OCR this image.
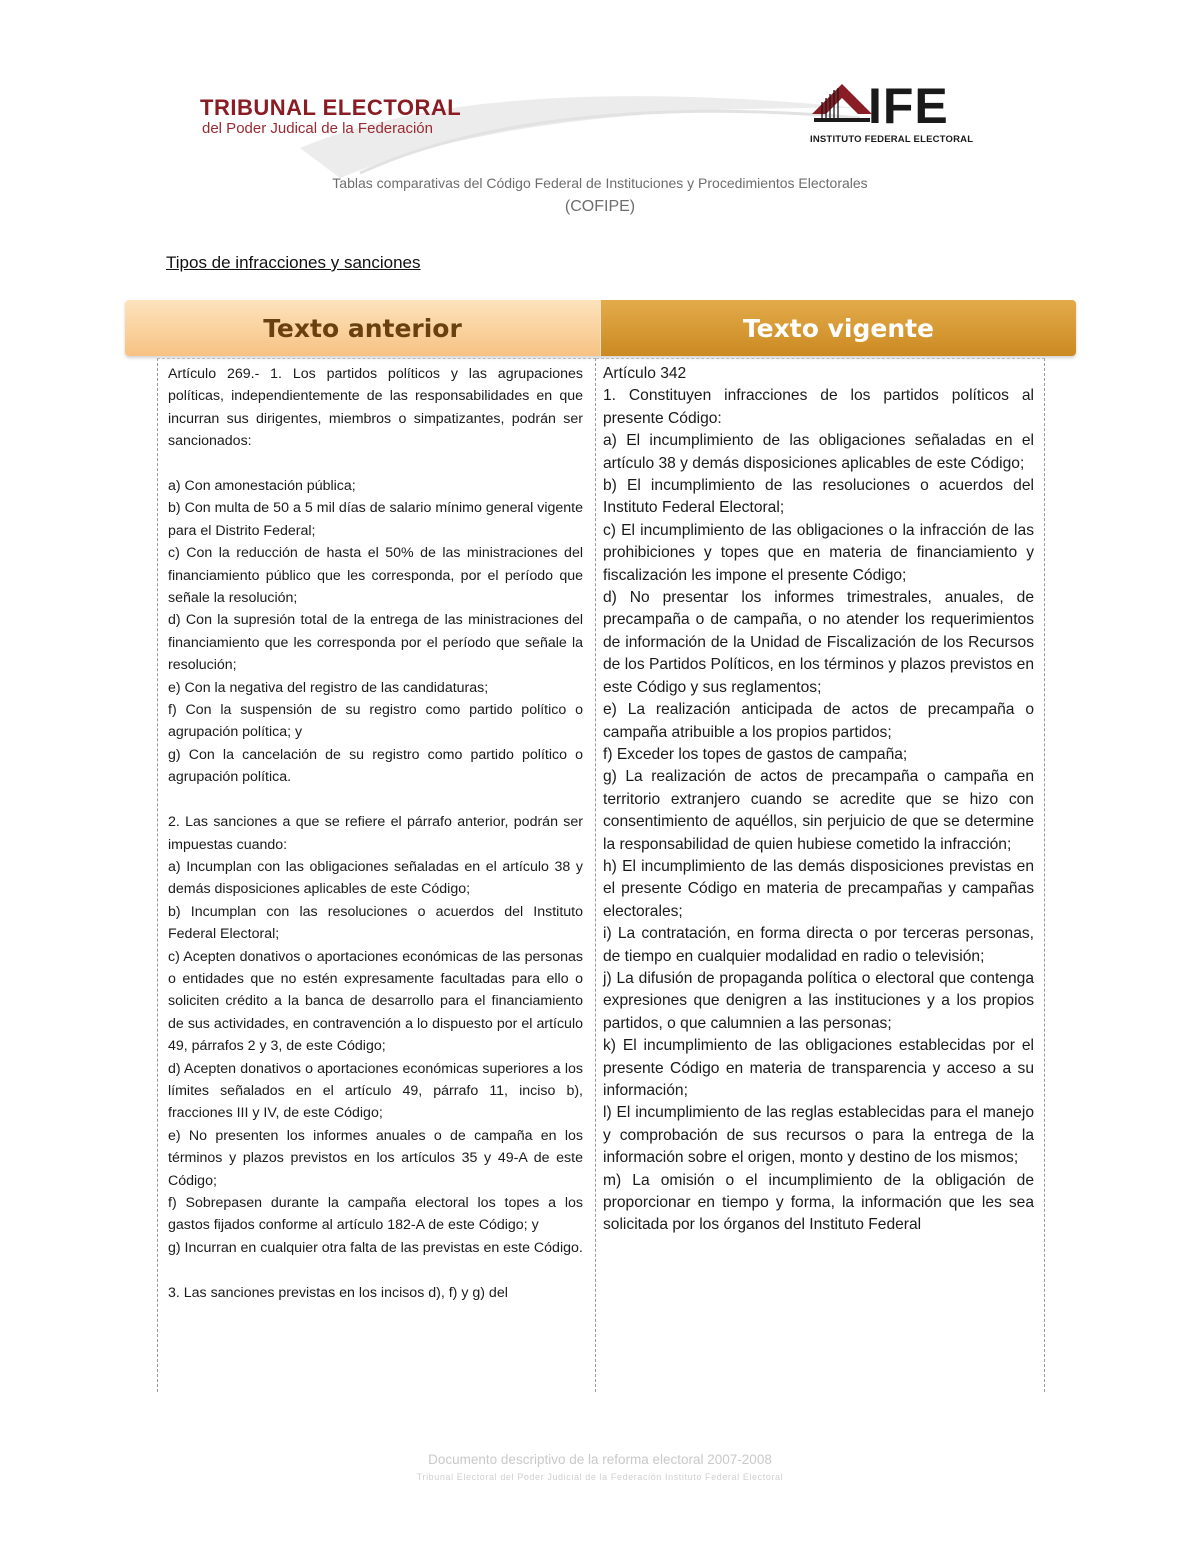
TRIBUNAL ELECTORAL
del Poder Judical de la Federación	IFE
INSTITUTO FEDERAL ELECTORAL
Tablas comparativas del Código Federal de Instituciones y Procedimientos Electorales
(COFIPE)
Tipos de infracciones y sanciones
Texto anterior	Texto vigente

Artículo 269.- 1. Los partidos políticos y las agrupaciones políticas, independientemente de las responsabilidades en que incurran sus dirigentes, miembros o simpatizantes, podrán ser sancionados:

a) Con amonestación pública;

b) Con multa de 50 a 5 mil días de salario mínimo general vigente para el Distrito Federal;

c) Con la reducción de hasta el 50% de las ministraciones del financiamiento público que les corresponda, por el período que señale la resolución;

d) Con la supresión total de la entrega de las ministraciones del financiamiento que les corresponda por el período que señale la resolución;

e) Con la negativa del registro de las candidaturas;

f) Con la suspensión de su registro como partido político o agrupación política; y

g) Con la cancelación de su registro como partido político o agrupación política.

2. Las sanciones a que se refiere el párrafo anterior, podrán ser impuestas cuando:

a) Incumplan con las obligaciones señaladas en el artículo 38 y demás disposiciones aplicables de este Código;

b) Incumplan con las resoluciones o acuerdos del Instituto Federal Electoral;

c) Acepten donativos o aportaciones económicas de las personas o entidades que no estén expresamente facultadas para ello o soliciten crédito a la banca de desarrollo para el financiamiento de sus actividades, en contravención a lo dispuesto por el artículo 49, párrafos 2 y 3, de este Código;

d) Acepten donativos o aportaciones económicas superiores a los límites señalados en el artículo 49, párrafo 11, inciso b), fracciones III y IV, de este Código;

e) No presenten los informes anuales o de campaña en los términos y plazos previstos en los artículos 35 y 49-A de este Código;

f) Sobrepasen durante la campaña electoral los topes a los gastos fijados conforme al artículo 182-A de este Código; y

g) Incurran en cualquier otra falta de las previstas en este Código.

3. Las sanciones previstas en los incisos d), f) y g) del

Artículo 342

1. Constituyen infracciones de los partidos políticos al presente Código:

a) El incumplimiento de las obligaciones señaladas en el artículo 38 y demás disposiciones aplicables de este Código;

b) El incumplimiento de las resoluciones o acuerdos del Instituto Federal Electoral;

c) El incumplimiento de las obligaciones o la infracción de las prohibiciones y topes que en materia de financiamiento y fiscalización les impone el presente Código;

d) No presentar los informes trimestrales, anuales, de precampaña o de campaña, o no atender los requerimientos de información de la Unidad de Fiscalización de los Recursos de los Partidos Políticos, en los términos y plazos previstos en este Código y sus reglamentos;

e) La realización anticipada de actos de precampaña o campaña atribuible a los propios partidos;

f) Exceder los topes de gastos de campaña;

g) La realización de actos de precampaña o campaña en territorio extranjero cuando se acredite que se hizo con consentimiento de aquéllos, sin perjuicio de que se determine la responsabilidad de quien hubiese cometido la infracción;

h) El incumplimiento de las demás disposiciones previstas en el presente Código en materia de precampañas y campañas electorales;

i) La contratación, en forma directa o por terceras personas, de tiempo en cualquier modalidad en radio o televisión;

j) La difusión de propaganda política o electoral que contenga expresiones que denigren a las instituciones y a los propios partidos, o que calumnien a las personas;

k) El incumplimiento de las obligaciones establecidas por el presente Código en materia de transparencia y acceso a su información;

l) El incumplimiento de las reglas establecidas para el manejo y comprobación de sus recursos o para la entrega de la información sobre el origen, monto y destino de los mismos;

m) La omisión o el incumplimiento de la obligación de proporcionar en tiempo y forma, la información que les sea solicitada por los órganos del Instituto Federal

Documento descriptivo de la reforma electoral 2007-2008
Tribunal Electoral del Poder Judicial de la Federación Instituto Federal Electoral
